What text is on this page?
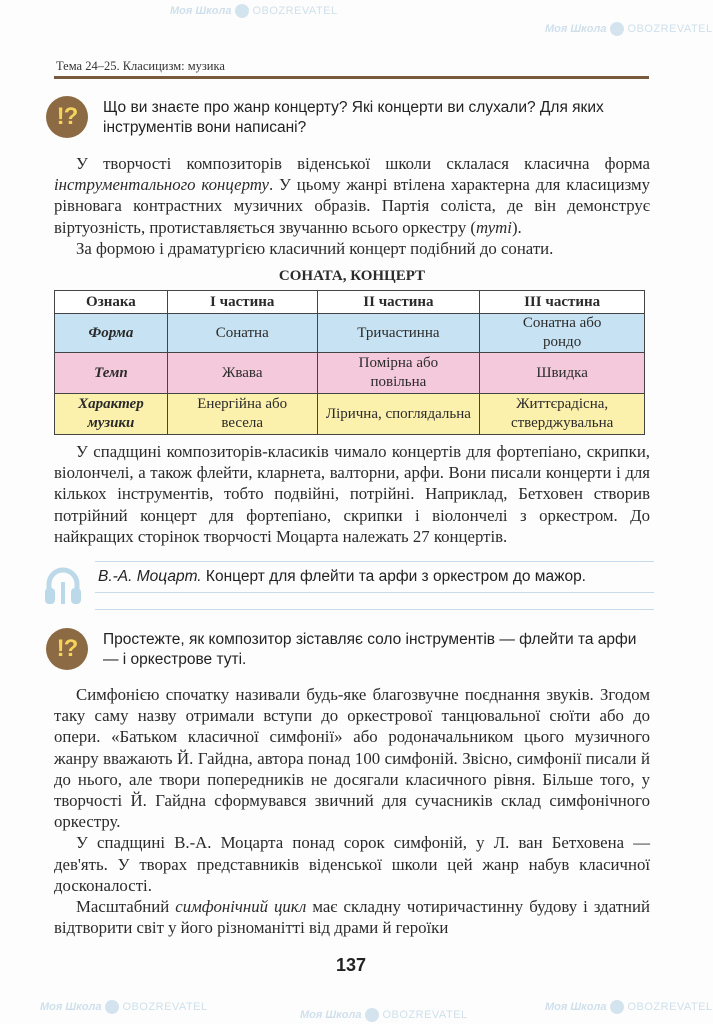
Моя Школа OBOZREVATEL
Моя Школа OBOZREVATEL
Моя Школа OBOZREVATEL
Моя Школа OBOZREVATEL
Моя Школа OBOZREVATEL
Тема 24–25. Класицизм: музика
!?	Що ви знаєте про жанр концерту? Які концерти ви слухали? Для яких інструментів вони написані?

У творчості композиторів віденської школи склалася класична форма інструментального концерту. У цьому жанрі втілена характерна для класицизму рівновага контрастних музичних образів. Партія соліста, де він демонструє віртуозність, протиставляється звучанню всього оркестру (туті).

За формою і драматургією класичний концерт подібний до сонати.

СОНАТА, КОНЦЕРТ
Ознака	І частина	ІІ частина	ІІІ частина
Форма	Сонатна	Тричастинна	Сонатна або рондо
Темп	Жвава	Помірна або повільна	Швидка
Характер музики	Енергійна або весела	Лірична, споглядальна	Життєрадісна, стверджувальна

У спадщині композиторів-класиків чимало концертів для фортепіано, скрипки, віолончелі, а також флейти, кларнета, валторни, арфи. Вони писали концерти і для кількох інструментів, тобто подвійні, потрійні. Наприклад, Бетховен створив потрійний концерт для фортепіано, скрипки і віолончелі з оркестром. До найкращих сторінок творчості Моцарта належать 27 концертів.

В.-А. Моцарт. Концерт для флейти та арфи з оркестром до мажор.
!?	Простежте, як композитор зіставляє соло інструментів — флейти та арфи — і оркестрове туті.

Симфонією спочатку називали будь-яке благозвучне поєднання звуків. Згодом таку саму назву отримали вступи до оркестрової танцювальної сюїти або до опери. «Батьком класичної симфонії» або родоначальником цього музичного жанру вважають Й. Гайдна, автора понад 100 симфоній. Звісно, симфонії писали й до нього, але твори попередників не досягали класичного рівня. Більше того, у творчості Й. Гайдна сформувався звичний для сучасників склад симфонічного оркестру.

У спадщині В.-А. Моцарта понад сорок симфоній, у Л. ван Бетховена — дев'ять. У творах представників віденської школи цей жанр набув класичної досконалості.

Масштабний симфонічний цикл має складну чотиричастинну будову і здатний відтворити світ у його різноманітті від драми й героїки

137
